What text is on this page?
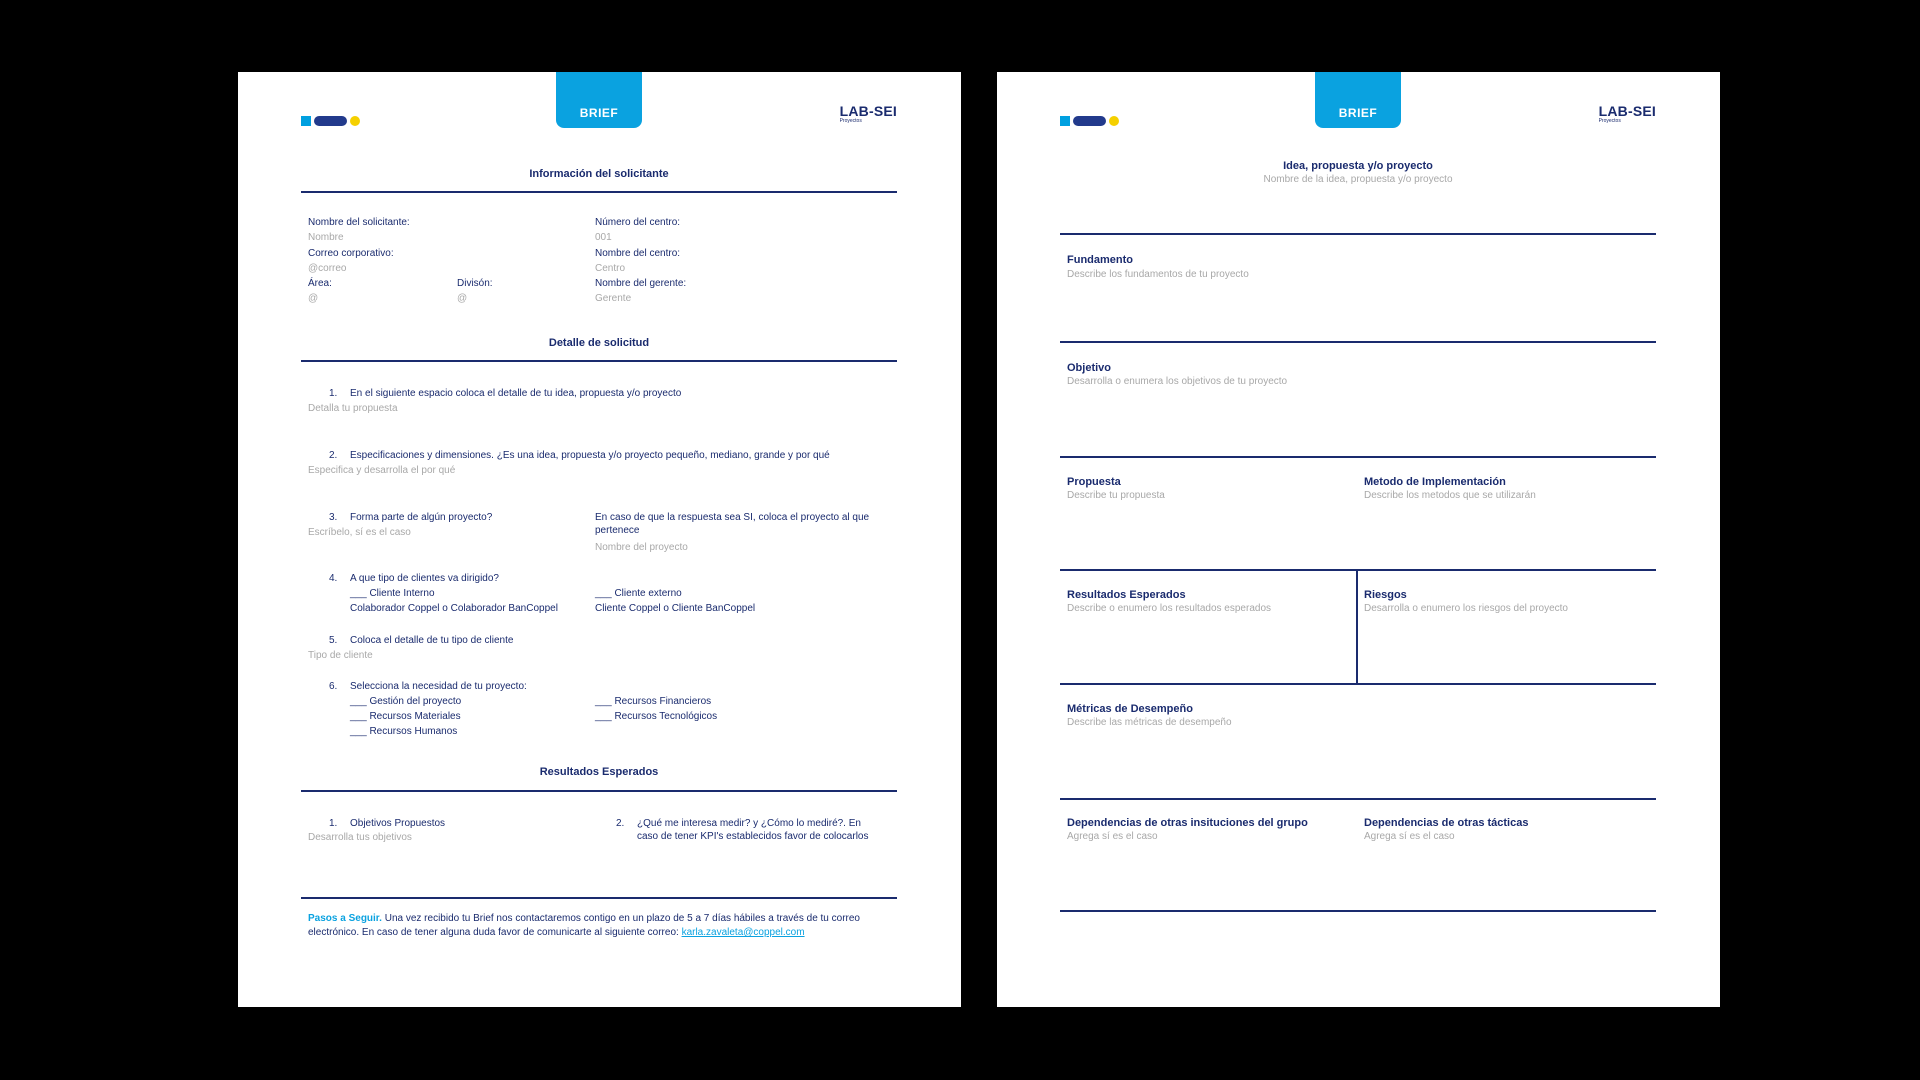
BRIEF	LAB-SEI
Proyectos
Información del solicitante
Nombre del solicitante:
Nombre
Correo corporativo:
@correo
Área:
@
Divisón:
@
Número del centro:
001
Nombre del centro:
Centro
Nombre del gerente:
Gerente
Detalle de solicitud
1. En el siguiente espacio coloca el detalle de tu idea, propuesta y/o proyecto
Detalla tu propuesta
2. Especificaciones y dimensiones. ¿Es una idea, propuesta y/o proyecto pequeño, mediano, grande y por qué
Especifica y desarrolla el por qué
3. Forma parte de algún proyecto?
Escríbelo, sí es el caso
En caso de que la respuesta sea SI, coloca el proyecto al que pertenece
Nombre del proyecto
4. A que tipo de clientes va dirigido?
___ Cliente Interno
Colaborador Coppel o Colaborador BanCoppel
___ Cliente externo
Cliente Coppel o Cliente BanCoppel
5. Coloca el detalle de tu tipo de cliente
Tipo de cliente
6. Selecciona la necesidad de tu proyecto:
___ Gestión del proyecto
___ Recursos Materiales
___ Recursos Humanos
___ Recursos Financieros
___ Recursos Tecnológicos
Resultados Esperados
1. Objetivos Propuestos
Desarrolla tus objetivos
2. ¿Qué me interesa medir? y ¿Cómo lo mediré?. En caso de tener KPI's establecidos favor de colocarlos
Pasos a Seguir. Una vez recibido tu Brief nos contactaremos contigo en un plazo de 5 a 7 días hábiles a través de tu correo electrónico. En caso de tener alguna duda favor de comunicarte al siguiente correo: karla.zavaleta@coppel.com
BRIEF	LAB-SEI
Proyectos
Idea, propuesta y/o proyecto
Nombre de la idea, propuesta y/o proyecto
Fundamento
Describe los fundamentos de tu proyecto
Objetivo
Desarrolla o enumera los objetivos de tu proyecto
Propuesta
Describe tu propuesta
Metodo de Implementación
Describe los metodos que se utilizarán
Resultados Esperados
Describe o enumero los resultados esperados
Riesgos
Desarrolla o enumero los riesgos del proyecto
Métricas de Desempeño
Describe las métricas de desempeño
Dependencias de otras insituciones del grupo
Agrega sí es el caso
Dependencias de otras tácticas
Agrega sí es el caso
